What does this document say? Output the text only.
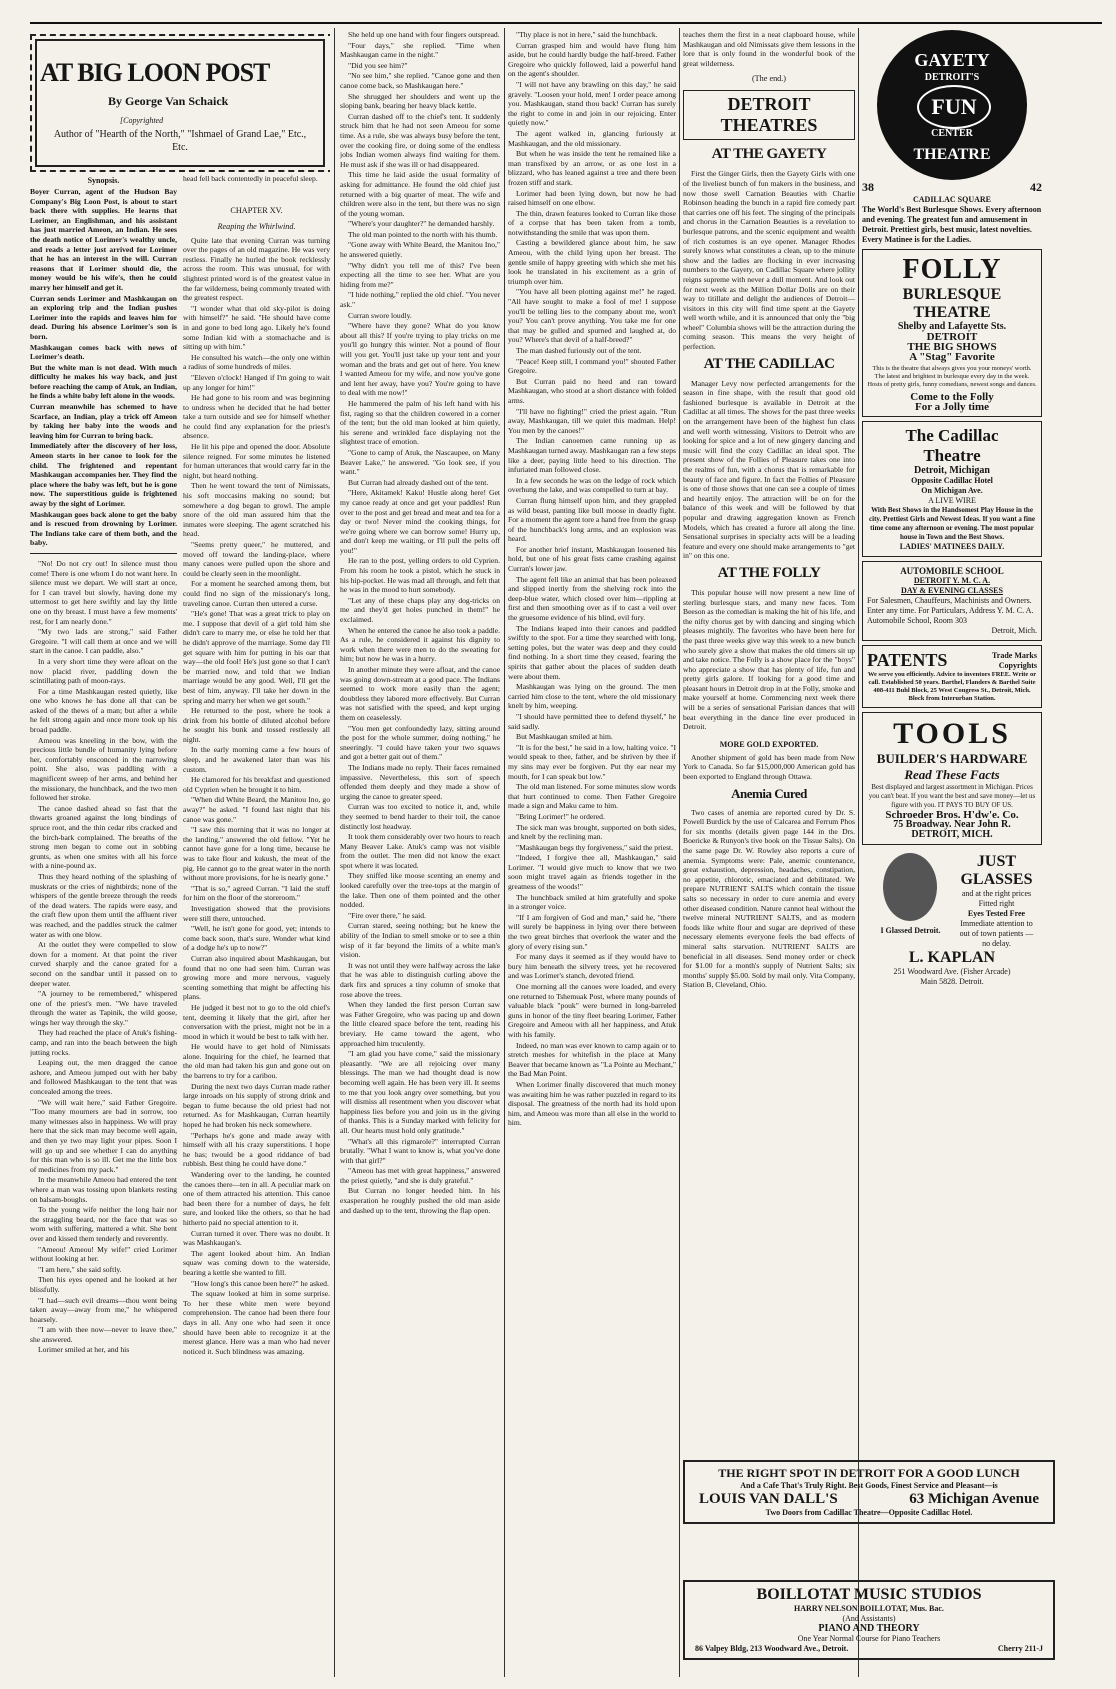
AT BIG LOON POST
By George Van Schaick
[Copyrighted
Author of "Hearth of the North," "Ishmael of Grand Lae," Etc., Etc.
Synopsis.

Boyer Curran, agent of the Hudson Bay Company's Big Loon Post, is about to start back there with supplies. He learns that Lorimer, an Englishman, and his assistant has just married Ameon, an Indian. He sees the death notice of Lorimer's wealthy uncle, and reads a letter just arrived for Lorimer that he has an interest in the will. Curran reasons that if Lorimer should die, the money would be his wife's, then he could marry her himself and get it.

Curran sends Lorimer and Mashkaugan on an exploring trip and the Indian pushes Lorimer into the rapids and leaves him for dead. During his absence Lorimer's son is born.

Mashkaugan comes back with news of Lorimer's death.

But the white man is not dead. With much difficulty he makes his way back, and just before reaching the camp of Atuk, an Indian, he finds a white baby left alone in the woods.

Curran meanwhile has schemed to have Scarface, an Indian, play a trick off Ameon by taking her baby into the woods and leaving him for Curran to bring back.

Immediately after the discovery of her loss, Ameon starts in her canoe to look for the child. The frightened and repentant Mashkaugan accompanies her. They find the place where the baby was left, but he is gone now. The superstitious guide is frightened away by the sight of Lorimer.

Mashkaugan goes back alone to get the baby and is rescued from drowning by Lorimer. The Indians take care of them both, and the baby.

"No! Do not cry out! In silence must thou come! There is one whom I do not want here. In silence must we depart. We will start at once, for I can travel but slowly, having done my uttermost to get here swiftly and lay thy little one on thy breast. I must have a few moments' rest, for I am nearly done."

"My two lads are strong," said Father Gregoire. "I will call them at once and we will start in the canoe. I can paddle, also."

In a very short time they were afloat on the now placid river, paddling down the scintillating path of moon-rays.

For a time Mashkaugan rested quietly, like one who knows he has done all that can be asked of the thews of a man; but after a while he felt strong again and once more took up his broad paddle.

Ameou was kneeling in the bow, with the precious little bundle of humanity lying before her, comfortably ensconced in the narrowing point. She also, was paddling with a magnificent sweep of her arms, and behind her the missionary, the hunchback, and the two men followed her stroke.

The canoe dashed ahead so fast that the thwarts groaned against the long bindings of spruce root, and the thin cedar ribs cracked and the birch-bark complained. The breaths of the strong men began to come out in sobbing grunts, as when one smites with all his force with a nine-pound ax.

Thus they heard nothing of the splashing of muskrats or the cries of nightbirds; none of the whispers of the gentle breeze through the reeds of the dead waters. The rapids were easy, and the craft flew upon them until the affluent river was reached, and the paddles struck the calmer water as with one blow.

At the outlet they were compelled to slow down for a moment. At that point the river curved sharply and the canoe grated for a second on the sandbar until it passed on to deeper water.

"A journey to be remembered," whispered one of the priest's men. "We have traveled through the water as Tapinik, the wild goose, wings her way through the sky."

They had reached the place of Atuk's fishing-camp, and ran into the beach between the high jutting rocks.

Leaping out, the men dragged the canoe ashore, and Ameou jumped out with her baby and followed Mashkaugan to the tent that was concealed among the trees.

"We will wait here," said Father Gregoire. "Too many mourners are bad in sorrow, too many witnesses also in happiness. We will pray here that the sick man may become well again, and then ye two may light your pipes. Soon I will go up and see whether I can do anything for this man who is so ill. Get me the little box of medicines from my pack."

In the meanwhile Ameou had entered the tent where a man was tossing upon blankets resting on balsam-boughs.

To the young wife neither the long hair nor the straggling beard, nor the face that was so worn with suffering, mattered a whit. She bent over and kissed them tenderly and reverently.

"Ameou! Ameou! My wife!" cried Lorimer without looking at her.

"I am here," she said softly.

Then his eyes opened and he looked at her blissfully.

"I had—such evil dreams—thou went being taken away—away from me," he whispered hoarsely.

"I am with thee now—never to leave thee," she answered.

Lorimer smiled at her, and his

head fell back contentedly in peaceful sleep.

CHAPTER XV.
Reaping the Whirlwind.

Quite late that evening Curran was turning over the pages of an old magazine. He was very restless. Finally he hurled the book recklessly across the room. This was unusual, for with slightest printed word is of the greatest value in the far wilderness, being commonly treated with the greatest respect.

"I wonder what that old sky-pilot is doing with himself?" he said. "He should have come in and gone to bed long ago. Likely he's found some Indian kid with a stomachache and is sitting up with him."

He consulted his watch—the only one within a radius of some hundreds of miles.

"Eleven o'clock! Hanged if I'm going to wait up any longer for him!"

He had gone to his room and was beginning to undress when he decided that he had better take a turn outside and see for himself whether he could find any explanation for the priest's absence.

He lit his pipe and opened the door. Absolute silence reigned. For some minutes he listened for human utterances that would carry far in the night, but heard nothing.

Then he went toward the tent of Nimissats, his soft moccasins making no sound; but somewhere a dog began to growl. The ample snore of the old man assured him that the inmates were sleeping. The agent scratched his head.

"Seems pretty queer," he muttered, and moved off toward the landing-place, where many canoes were pulled upon the shore and could be clearly seen in the moonlight.

For a moment he searched among them, but could find no sign of the missionary's long, traveling canoe. Curran then uttered a curse.

"He's gone! That was a great trick to play on me. I suppose that devil of a girl told him she didn't care to marry me, or else he told her that he didn't approve of the marriage. Some day I'll get square with him for putting in his oar that way—the old fool! He's just gone so that I can't be married now, and told that we Indian marriage would be any good. Well, I'll get the best of him, anyway. I'll take her down in the spring and marry her when we get south."

He returned to the post, where he took a drink from his bottle of diluted alcohol before he sought his bunk and tossed restlessly all night.

In the early morning came a few hours of sleep, and he awakened later than was his custom.

He clamored for his breakfast and questioned old Cyprien when he brought it to him.

"When did White Beard, the Manitou Ino, go away?" he asked. "I found last night that his canoe was gone."

"I saw this morning that it was no longer at the landing," answered the old fellow. "Yet he cannot have gone for a long time, because he was to take flour and kukush, the meat of the pig. He cannot go to the great water in the north without more provisions, for he is nearly gone."

"That is so," agreed Curran. "I laid the stuff for him on the floor of the storeroom."

Investigation showed that the provisions were still there, untouched.

"Well, he isn't gone for good, yet; intends to come back soon, that's sure. Wonder what kind of a dodge he's up to now?"

Curran also inquired about Mashkaugan, but found that no one had seen him. Curran was growing more and more nervous, vaguely scenting something that might be affecting his plans.

He judged it best not to go to the old chief's tent, deeming it likely that the girl, after her conversation with the priest, might not be in a mood in which it would be best to talk with her.

He would have to get hold of Nimissats alone. Inquiring for the chief, he learned that the old man had taken his gun and gone out on the barrens to try for a caribou.

During the next two days Curran made rather large inroads on his supply of strong drink and began to fume because the old priest had not returned. As for Mashkaugan, Curran heartily hoped he had broken his neck somewhere.

"Perhaps he's gone and made away with himself with all his crazy superstitions. I hope he has; twould be a good riddance of bad rubbish. Best thing he could have done."

Wandering over to the landing, he counted the canoes there—ten in all. A peculiar mark on one of them attracted his attention. This canoe had been there for a number of days, he felt sure, and looked like the others, so that he had hitherto paid no special attention to it.

Curran turned it over. There was no doubt. It was Mashkaugan's.

The agent looked about him. An Indian squaw was coming down to the waterside, bearing a kettle she wanted to fill.

"How long's this canoe been here?" he asked.

The squaw looked at him in some surprise. To her these white men were beyond comprehension. The canoe had been there four days in all. Any one who had seen it once should have been able to recognize it at the merest glance. Here was a man who had never noticed it. Such blindness was amazing.

She held up one hand with four fingers outspread.

"Four days," she replied. "Time when Mashkaugan came in the night."

"Did you see him?"

"No see him," she replied. "Canoe gone and then canoe come back, so Mashkaugan here."

She shrugged her shoulders and went up the sloping bank, bearing her heavy black kettle.

Curran dashed off to the chief's tent. It suddenly struck him that he had not seen Ameou for some time. As a rule, she was always busy before the tent, over the cooking fire, or doing some of the endless jobs Indian women always find waiting for them. He must ask if she was ill or had disappeared.

This time he laid aside the usual formality of asking for admittance. He found the old chief just returned with a big quarter of meat. The wife and children were also in the tent, but there was no sign of the young woman.

"Where's your daughter?" he demanded harshly.

The old man pointed to the north with his thumb.

"Gone away with White Beard, the Manitou Ino," he answered quietly.

"Why didn't you tell me of this? I've been expecting all the time to see her. What are you hiding from me?"

"I hide nothing," replied the old chief. "You never ask."

Curran swore loudly.

"Where have they gone? What do you know about all this? If you're trying to play tricks on me you'll go hungry this winter. Not a pound of flour will you get. You'll just take up your tent and your woman and the brats and get out of here. You knew I wanted Ameou for my wife, and now you've gone and lent her away, have you? You're going to have to deal with me now!"

He hammered the palm of his left hand with his fist, raging so that the children cowered in a corner of the tent; but the old man looked at him quietly, his serene and wrinkled face displaying not the slightest trace of emotion.

"Gone to camp of Atuk, the Nascaupee, on Many Beaver Lake," he answered. "Go look see, if you want."

But Curran had already dashed out of the tent.

"Here, Akitamek! Kaku! Hustle along here! Get my canoe ready at once and get your paddles! Run over to the post and get bread and meat and tea for a day or two! Never mind the cooking things, for we're going where we can borrow some! Hurry up, and don't keep me waiting, or I'll pull the pelts off you!"

He ran to the post, yelling orders to old Cyprien. From his room he took a pistol, which he stuck in his hip-pocket. He was mad all through, and felt that he was in the mood to hurt somebody.

"Let any of these chaps play any dog-tricks on me and they'd get holes punched in them!" he exclaimed.

When he entered the canoe he also took a paddle. As a rule, he considered it against his dignity to work when there were men to do the sweating for him; but now he was in a hurry.

In another minute they were afloat, and the canoe was going down-stream at a good pace. The Indians seemed to work more easily than the agent; doubtless they labored more effectively. But Curran was not satisfied with the speed, and kept urging them on ceaselessly.

"You men get confoundedly lazy, sitting around the post for the whole summer, doing nothing," he sneeringly. "I could have taken your two squaws and got a better gait out of them."

The Indians made no reply. Their faces remained impassive. Nevertheless, this sort of speech offended them deeply and they made a show of urging the canoe to greater speed.

Curran was too excited to notice it, and, while they seemed to bend harder to their toil, the canoe distinctly lost headway.

It took them considerably over two hours to reach Many Beaver Lake. Atuk's camp was not visible from the outlet. The men did not know the exact spot where it was located.

They sniffed like moose scenting an enemy and looked carefully over the tree-tops at the margin of the lake. Then one of them pointed and the other nodded.

"Fire over there," he said.

Curran stared, seeing nothing; but he knew the ability of the Indian to smell smoke or to see a thin wisp of it far beyond the limits of a white man's vision.

It was not until they were halfway across the lake that he was able to distinguish curling above the dark firs and spruces a tiny column of smoke that rose above the trees.

When they landed the first person Curran saw was Father Gregoire, who was pacing up and down the little cleared space before the tent, reading his breviary. He came toward the agent, who approached him truculently.

"I am glad you have come," said the missionary pleasantly. "We are all rejoicing over many blessings. The man we had thought dead is now becoming well again. He has been very ill. It seems to me that you look angry over something, but you will dismiss all resentment when you discover what happiness lies before you and join us in the giving of thanks. This is a Sunday marked with felicity for all. Our hearts must hold only gratitude."

"What's all this rigmarole?" interrupted Curran brutally. "What I want to know is, what you've done with that girl?"

"Ameou has met with great happiness," answered the priest quietly, "and she is duly grateful."

But Curran no longer heeded him. In his exasperation he roughly pushed the old man aside and dashed up to the tent, throwing the flap open.

"Thy place is not in here," said the hunchback.

Curran grasped him and would have flung him aside, but he could hardly budge the half-breed. Father Gregoire who quickly followed, laid a powerful hand on the agent's shoulder.

"I will not have any brawling on this day," he said gravely. "Loosen your hold, men! I order peace among you. Mashkaugan, stand thou back! Curran has surely the right to come in and join in our rejoicing. Enter quietly now."

The agent walked in, glancing furiously at Mashkaugan, and the old missionary.

But when he was inside the tent he remained like a man transfixed by an arrow, or as one lost in a blizzard, who has leaned against a tree and there been frozen stiff and stark.

Lorimer had been lying down, but now he had raised himself on one elbow.

The thin, drawn features looked to Curran like those of a corpse that has been taken from a tomb, notwithstanding the smile that was upon them.

Casting a bewildered glance about him, he saw Ameou, with the child lying upon her breast. The gentle smile of happy greeting with which she met his look he translated in his excitement as a grin of triumph over him.

"You have all been plotting against me!" he raged. "All have sought to make a fool of me! I suppose you'll be telling lies to the company about me, won't you? You can't prove anything. You take me for one that may be gulled and spurned and laughed at, do you? Where's that devil of a half-breed?"

The man dashed furiously out of the tent.

"Peace! Keep still, I command you!" shouted Father Gregoire.

But Curran paid no heed and ran toward Mashkaugan, who stood at a short distance with folded arms.

"I'll have no fighting!" cried the priest again. "Run away, Mashkaugan, till we quiet this madman. Help! You men by the canoes!"

The Indian canoemen came running up as Mashkaugan turned away. Mashkaugan ran a few steps like a deer, paying little heed to his direction. The infuriated man followed close.

In a few seconds he was on the ledge of rock which overhung the lake, and was compelled to turn at bay.

Curran flung himself upon him, and they grappled as wild beast, panting like bull moose in deadly fight. For a moment the agent tore a hand free from the grasp of the hunchback's long arms, and an explosion was heard.

For another brief instant, Mashkaugan loosened his hold, but one of his great fists came crashing against Curran's lower jaw.

The agent fell like an animal that has been poleaxed and slipped inertly from the shelving rock into the deep-blue water, which closed over him—rippling at first and then smoothing over as if to cast a veil over the gruesome evidence of his blind, evil fury.

The Indians leaped into their canoes and paddled swiftly to the spot. For a time they searched with long, setting poles, but the water was deep and they could find nothing. In a short time they ceased, fearing the spirits that gather about the places of sudden death were about them.

Mashkaugan was lying on the ground. The men carried him close to the tent, where the old missionary knelt by him, weeping.

"I should have permitted thee to defend thyself," he said sadly.

But Mashkaugan smiled at him.

"It is for the best," he said in a low, halting voice. "I would speak to thee, father, and be shriven by thee if my sins may ever be forgiven. Put thy ear near my mouth, for I can speak but low."

The old man listened. For some minutes slow words that hurt continued to come. Then Father Gregoire made a sign and Maku came to him.

"Bring Lorimer!" he ordered.

The sick man was brought, supported on both sides, and knelt by the reclining man.

"Mashkaugan begs thy forgiveness," said the priest.

"Indeed, I forgive thee all, Mashkaugan," said Lorimer. "I would give much to know that we two soon might travel again as friends together in the greatness of the woods!"

The hunchback smiled at him gratefully and spoke in a stronger voice.

"If I am forgiven of God and man," said he, "there will surely be happiness in lying over there between the two great birches that overlook the water and the glory of every rising sun."

For many days it seemed as if they would have to bury him beneath the silvery trees, yet he recovered and was Lorimer's stanch, devoted friend.

One morning all the canoes were loaded, and every one returned to Tshemuak Post, where many pounds of valuable black "pouk" were burned in long-barreled guns in honor of the tiny fleet bearing Lorimer, Father Gregoire and Ameou with all her happiness, and Atuk with his family.

Indeed, no man was ever known to camp again or to stretch meshes for whitefish in the place at Many Beaver that became known as "La Pointe au Mechant," the Bad Man Point.

When Lorimer finally discovered that much money was awaiting him he was rather puzzled in regard to its disposal. The greatness of the north had its hold upon him, and Ameou was more than all else in the world to him.

teaches them the first in a neat clapboard house, while Mashkaugan and old Nimissats give them lessons in the lore that is only found in the wonderful book of the great wilderness.

(The end.)
DETROIT THEATRES
AT THE GAYETY

First the Ginger Girls, then the Gayety Girls with one of the liveliest bunch of fun makers in the business, and now those swell Carnation Beauties with Charlie Robinson heading the bunch in a rapid fire comedy part that carries one off his feet. The singing of the principals and chorus in the Carnation Beauties is a revelation to burlesque patrons, and the scenic equipment and wealth of rich costumes is an eye opener. Manager Rhodes surely knows what constitutes a clean, up to the minute show and the ladies are flocking in ever increasing numbers to the Gayety, on Cadillac Square where jollity reigns supreme with never a dull moment. And look out for next week as the Million Dollar Dolls are on their way to titillate and delight the audiences of Detroit—visitors in this city will find time spent at the Gayety well worth while, and it is announced that only the "big wheel" Columbia shows will be the attraction during the coming season. This means the very height of perfection.

AT THE CADILLAC

Manager Levy now perfected arrangements for the season in fine shape, with the result that good old fashioned burlesque is available in Detroit at the Cadillac at all times. The shows for the past three weeks on the arrangement have been of the highest fun class and well worth witnessing. Visitors to Detroit who are looking for spice and a lot of new gingery dancing and music will find the cozy Cadillac an ideal spot. The present show of the Follies of Pleasure takes one into the realms of fun, with a chorus that is remarkable for beauty of face and figure. In fact the Follies of Pleasure is one of those shows that one can see a couple of times and heartily enjoy. The attraction will be on for the balance of this week and will be followed by that popular and drawing aggregation known as French Models, which has created a furore all along the line. Sensational surprises in specialty acts will be a leading feature and every one should make arrangements to "get in" on this one.

AT THE FOLLY

This popular house will now present a new line of sterling burlesque stars, and many new faces. Tom Beeson as the comedian is making the hit of his life, and the nifty chorus get by with dancing and singing which pleases mightily. The favorites who have been here for the past three weeks give way this week to a new bunch who surely give a show that makes the old timers sit up and take notice. The Folly is a show place for the "boys" who appreciate a show that has plenty of life, fun and pretty girls galore. If looking for a good time and pleasant hours in Detroit drop in at the Folly, smoke and make yourself at home. Commencing next week there will be a series of sensational Parisian dances that will beat everything in the dance line ever produced in Detroit.

MORE GOLD EXPORTED.

Another shipment of gold has been made from New York to Canada. So far $15,000,000 American gold has been exported to England through Ottawa.

Anemia Cured

Two cases of anemia are reported cured by Dr. S. Powell Burdick by the use of Calcarea and Ferrum Phos for six months (details given page 144 in the Drs. Boericke & Runyon's tive book on the Tissue Salts). On the same page Dr. W. Rowley also reports a cure of anemia. Symptoms were: Pale, anemic countenance, great exhaustion, depression, headaches, constipation, no appetite, chlorotic, emaciated and debilitated. We prepare NUTRIENT SALTS which contain the tissue salts so necessary in order to cure anemia and every other diseased condition. Nature cannot heal without the twelve mineral NUTRIENT SALTS, and as modern foods like white flour and sugar are deprived of these necessary elements everyone feels the bad effects of mineral salts starvation. NUTRIENT SALTS are beneficial in all diseases. Send money order or check for $1.00 for a month's supply of Nutrient Salts; six months' supply $5.00. Sold by mail only. Vita Company, Station B, Cleveland, Ohio.

GAYETY
DETROIT'S
FUN
CENTER
THEATRE
38	42
CADILLAC SQUARE
The World's Best Burlesque Shows. Every afternoon and evening. The greatest fun and amusement in Detroit. Prettiest girls, best music, latest novelties. Every Matinee is for the Ladies.
FOLLY
BURLESQUE
THEATRE
Shelby and Lafayette Sts.
DETROIT
THE BIG SHOWS
A "Stag" Favorite
This is the theatre that always gives you your moneys' worth. The latest and brightest in burlesque every day in the week. Hosts of pretty girls, funny comedians, newest songs and dances.
Come to the Folly
For a Jolly time
The Cadillac
Theatre
Detroit, Michigan
Opposite Cadillac Hotel
On Michigan Ave.
A LIVE WIRE
With Best Shows in the Handsomest Play House in the city. Prettiest Girls and Newest Ideas. If you want a fine time come any afternoon or evening. The most popular house in Town and the Best Shows.
LADIES' MATINEES DAILY.
AUTOMOBILE SCHOOL
DETROIT Y. M. C. A.
DAY & EVENING CLASSES
For Salesmen, Chauffeurs, Machinists and Owners. Enter any time. For Particulars, Address Y. M. C. A. Automobile School, Room 303
Detroit, Mich.
PATENTS	Trade Marks
Copyrights
We serve you efficiently. Advice to inventors FREE. Write or call. Established 50 years. Barthel, Flanders & Barthel Suite 408-411 Buhl Block, 25 West Congress St., Detroit, Mich. Block from Interurban Station.
TOOLS
BUILDER'S HARDWARE
Read These Facts
Best displayed and largest assortment in Michigan. Prices you can't beat. If you want the best and save money—let us figure with you. IT PAYS TO BUY OF US.
Schroeder Bros. H'dw'e. Co.
75 Broadway. Near John R.
DETROIT, MICH.
I Glassed Detroit.
JUST
GLASSES
and at the right prices Fitted right
Eyes Tested Free
Immediate attention to out of town patients — no delay.
L. KAPLAN
251 Woodward Ave. (Fisher Arcade)
Main 5828. Detroit.
THE RIGHT SPOT IN DETROIT FOR A GOOD LUNCH
And a Cafe That's Truly Right. Best Goods, Finest Service and Pleasant—is
LOUIS VAN DALL'S	63 Michigan Avenue
Two Doors from Cadillac Theatre—Opposite Cadillac Hotel.
BOILLOTAT MUSIC STUDIOS
HARRY NELSON BOILLOTAT, Mus. Bac.
(And Assistants)
PIANO AND THEORY
One Year Normal Course for Piano Teachers
86 Valpey Bldg, 213 Woodward Ave., Detroit.	Cherry 211-J
